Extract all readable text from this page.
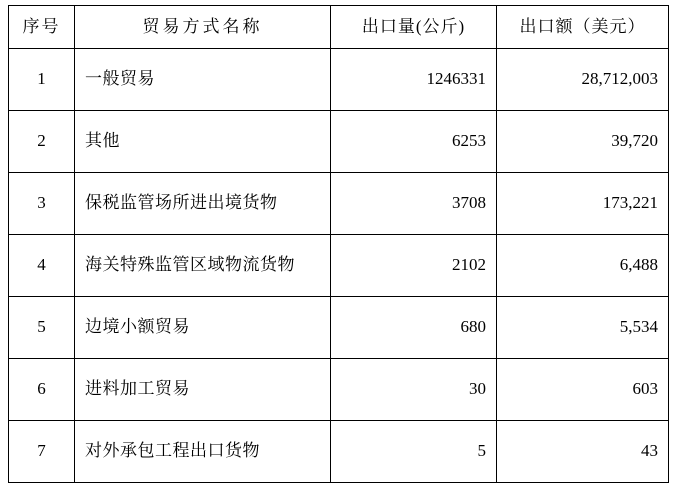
序号	贸易方式名称	出口量(公斤)	出口额（美元）
1	一般贸易	1246331	28,712,003
2	其他	6253	39,720
3	保税监管场所进出境货物	3708	173,221
4	海关特殊监管区域物流货物	2102	6,488
5	边境小额贸易	680	5,534
6	进料加工贸易	30	603
7	对外承包工程出口货物	5	43
